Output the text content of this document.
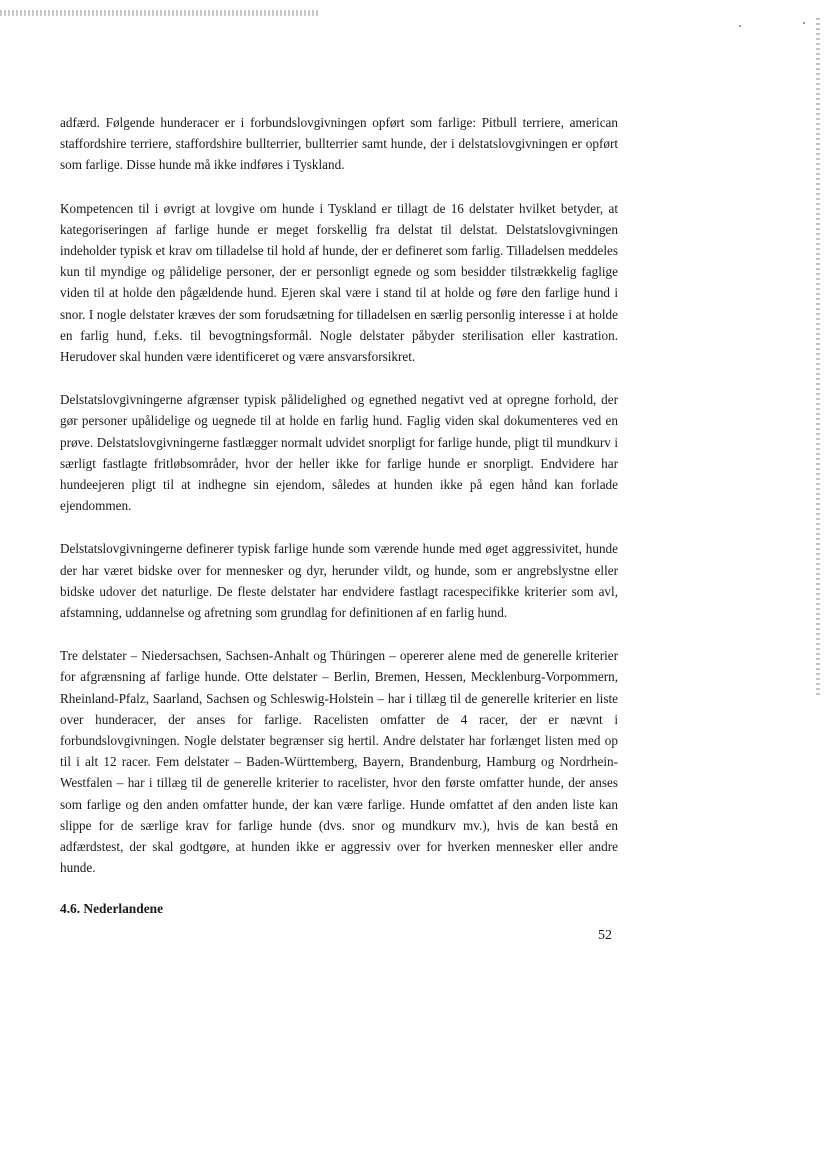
adfærd. Følgende hunderacer er i forbundslovgivningen opført som farlige: Pitbull terriere, american staffordshire terriere, staffordshire bullterrier, bullterrier samt hunde, der i delstatslovgivningen er opført som farlige. Disse hunde må ikke indføres i Tyskland.

Kompetencen til i øvrigt at lovgive om hunde i Tyskland er tillagt de 16 delstater hvilket betyder, at kategoriseringen af farlige hunde er meget forskellig fra delstat til delstat. Delstatslovgivningen indeholder typisk et krav om tilladelse til hold af hunde, der er defineret som farlig. Tilladelsen meddeles kun til myndige og pålidelige personer, der er personligt egnede og som besidder tilstrækkelig faglige viden til at holde den pågældende hund. Ejeren skal være i stand til at holde og føre den farlige hund i snor. I nogle delstater kræves der som forudsætning for tilladelsen en særlig personlig interesse i at holde en farlig hund, f.eks. til bevogtningsformål. Nogle delstater påbyder sterilisation eller kastration. Herudover skal hunden være identificeret og være ansvarsforsikret.

Delstatslovgivningerne afgrænser typisk pålidelighed og egnethed negativt ved at opregne forhold, der gør personer upålidelige og uegnede til at holde en farlig hund. Faglig viden skal dokumenteres ved en prøve. Delstatslovgivningerne fastlægger normalt udvidet snorpligt for farlige hunde, pligt til mundkurv i særligt fastlagte fritløbsområder, hvor der heller ikke for farlige hunde er snorpligt. Endvidere har hundeejeren pligt til at indhegne sin ejendom, således at hunden ikke på egen hånd kan forlade ejendommen.

Delstatslovgivningerne definerer typisk farlige hunde som værende hunde med øget aggressivitet, hunde der har været bidske over for mennesker og dyr, herunder vildt, og hunde, som er angrebslystne eller bidske udover det naturlige. De fleste delstater har endvidere fastlagt racespecifikke kriterier som avl, afstamning, uddannelse og afretning som grundlag for definitionen af en farlig hund.

Tre delstater – Niedersachsen, Sachsen-Anhalt og Thüringen – opererer alene med de generelle kriterier for afgrænsning af farlige hunde. Otte delstater – Berlin, Bremen, Hessen, Mecklenburg-Vorpommern, Rheinland-Pfalz, Saarland, Sachsen og Schleswig-Holstein – har i tillæg til de generelle kriterier en liste over hunderacer, der anses for farlige. Racelisten omfatter de 4 racer, der er nævnt i forbundslovgivningen. Nogle delstater begrænser sig hertil. Andre delstater har forlænget listen med op til i alt 12 racer. Fem delstater – Baden-Württemberg, Bayern, Brandenburg, Hamburg og Nordrhein-Westfalen – har i tillæg til de generelle kriterier to racelister, hvor den første omfatter hunde, der anses som farlige og den anden omfatter hunde, der kan være farlige. Hunde omfattet af den anden liste kan slippe for de særlige krav for farlige hunde (dvs. snor og mundkurv mv.), hvis de kan bestå en adfærdstest, der skal godtgøre, at hunden ikke er aggressiv over for hverken mennesker eller andre hunde.

4.6. Nederlandene
52
